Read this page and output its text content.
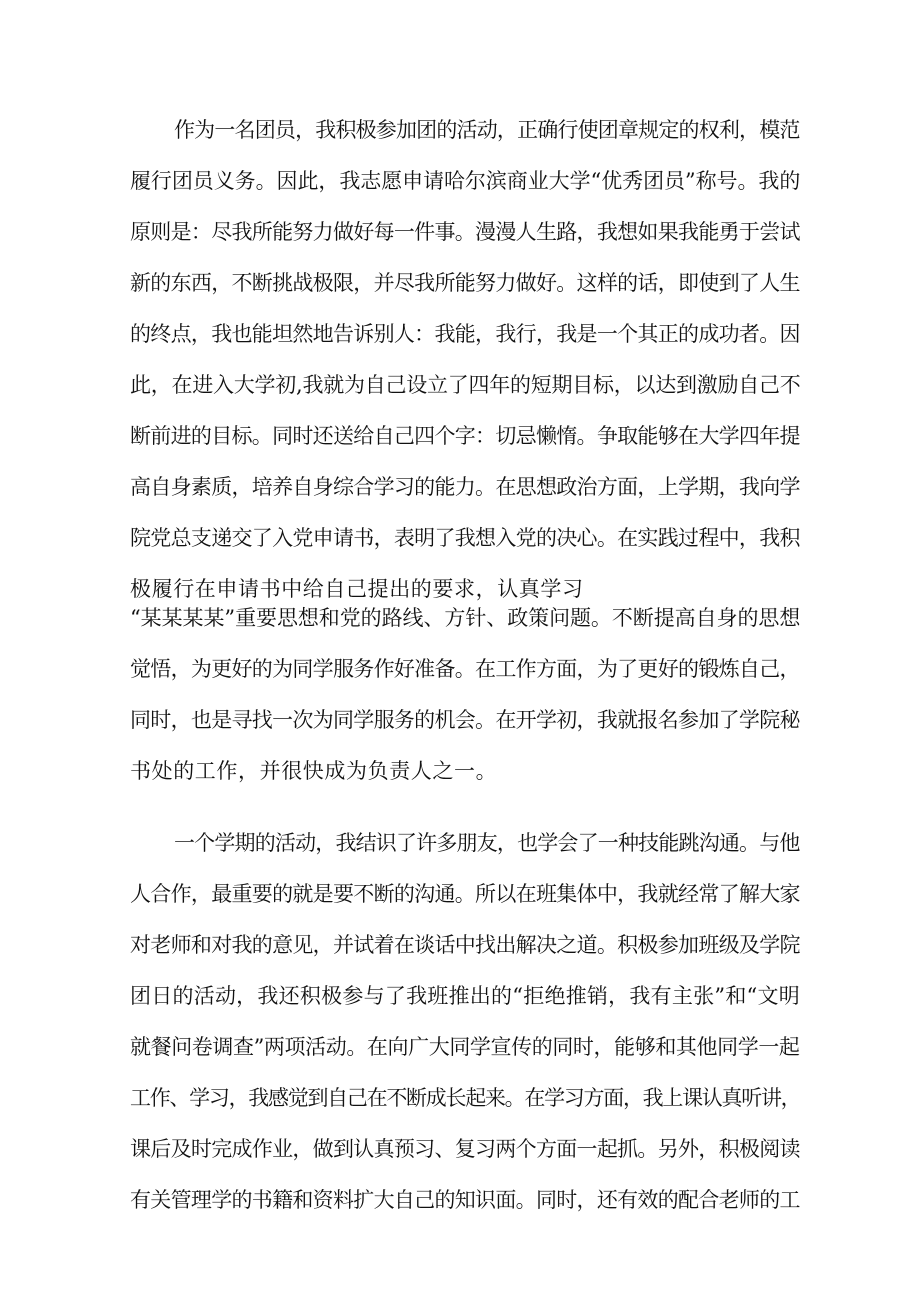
作为一名团员，我积极参加团的活动，正确行使团章规定的权利，模范
履行团员义务。因此，我志愿申请哈尔滨商业大学“优秀团员”称号。我的
原则是：尽我所能努力做好每一件事。漫漫人生路，我想如果我能勇于尝试
新的东西，不断挑战极限，并尽我所能努力做好。这样的话，即使到了人生
的终点，我也能坦然地告诉别人：我能，我行，我是一个其正的成功者。因
此，在进入大学初,我就为自己设立了四年的短期目标，以达到激励自己不
断前进的目标。同时还送给自己四个字：切忌懒惰。争取能够在大学四年提
高自身素质，培养自身综合学习的能力。在思想政治方面，上学期，我向学
院党总支递交了入党申请书，表明了我想入党的决心。在实践过程中，我积
极履行在申请书中给自己提出的要求，认真学习
“某某某某”重要思想和党的路线、方针、政策问题。不断提高自身的思想
觉悟，为更好的为同学服务作好准备。在工作方面，为了更好的锻炼自己，
同时，也是寻找一次为同学服务的机会。在开学初，我就报名参加了学院秘
书处的工作，并很快成为负责人之一。
一个学期的活动，我结识了许多朋友，也学会了一种技能跳沟通。与他
人合作，最重要的就是要不断的沟通。所以在班集体中，我就经常了解大家
对老师和对我的意见，并试着在谈话中找出解决之道。积极参加班级及学院
团日的活动，我还积极参与了我班推出的“拒绝推销，我有主张”和“文明
就餐问卷调查”两项活动。在向广大同学宣传的同时，能够和其他同学一起
工作、学习，我感觉到自己在不断成长起来。在学习方面，我上课认真听讲，
课后及时完成作业，做到认真预习、复习两个方面一起抓。另外，积极阅读
有关管理学的书籍和资料扩大自己的知识面。同时，还有效的配合老师的工
